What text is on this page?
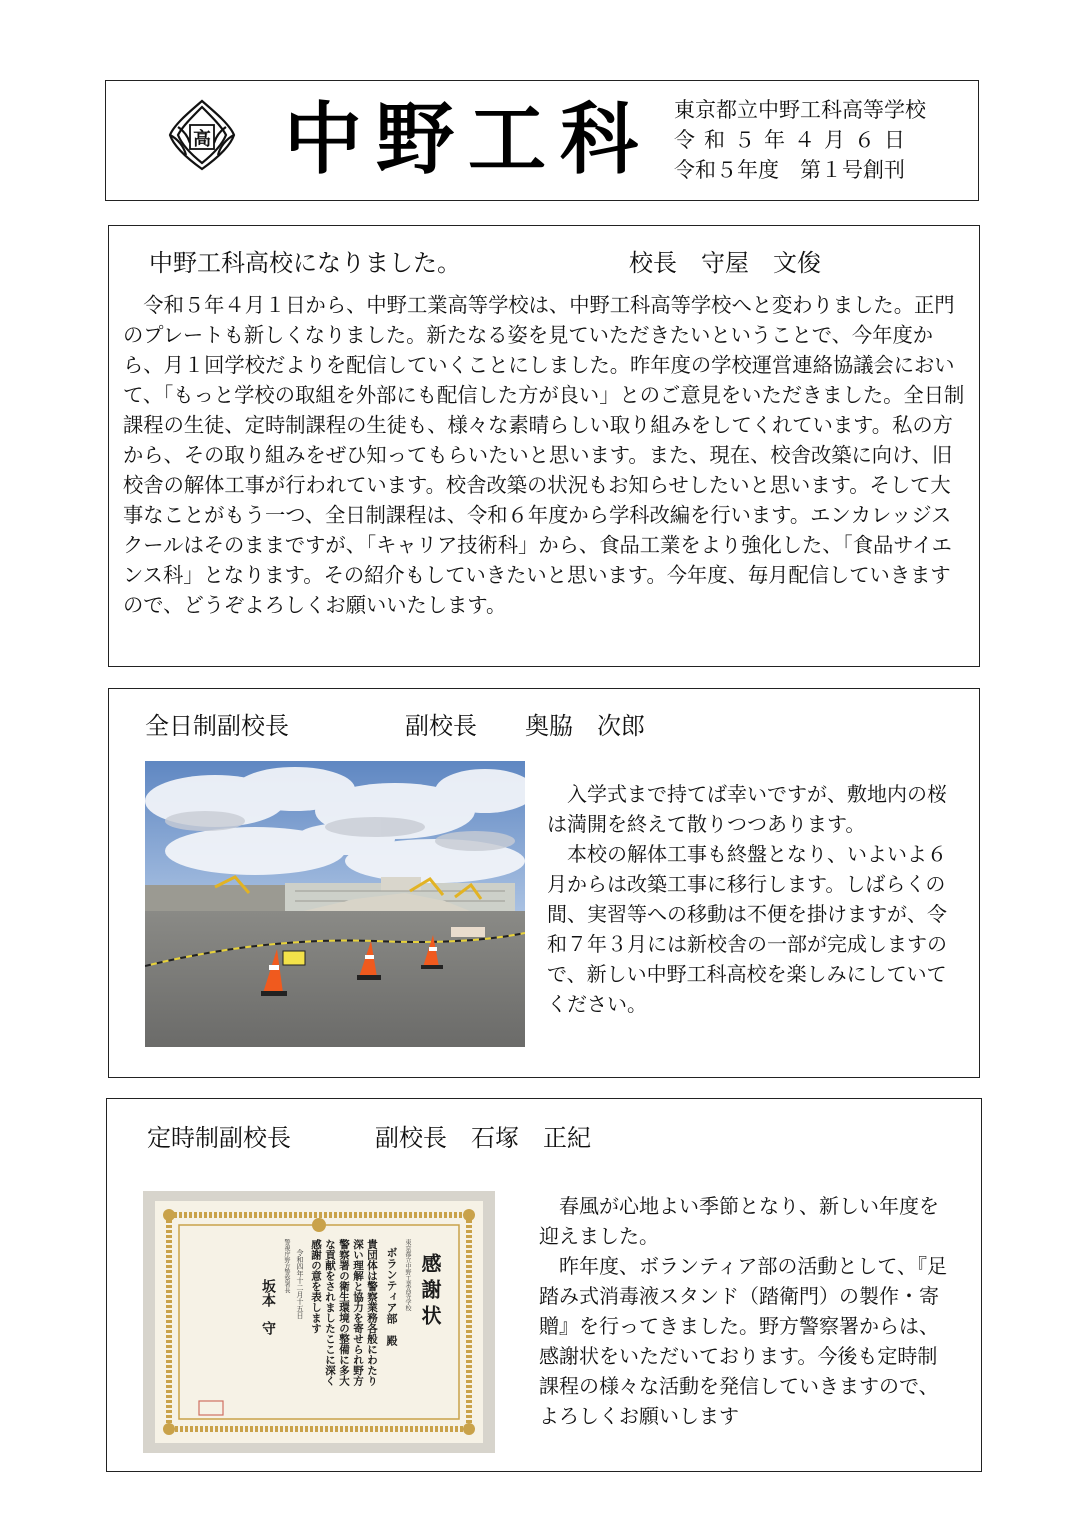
高 中野工科 東京都立中野工科高等学校
令和５年４月６日
令和５年度　第１号創刊
中野工科高校になりました。	校長　守屋　文俊

令和５年４月１日から、中野工業高等学校は、中野工科高等学校へと変わりました。正門のプレートも新しくなりました。新たなる姿を見ていただきたいということで、今年度から、月１回学校だよりを配信していくことにしました。昨年度の学校運営連絡協議会において、「もっと学校の取組を外部にも配信した方が良い」とのご意見をいただきました。全日制課程の生徒、定時制課程の生徒も、様々な素晴らしい取り組みをしてくれています。私の方から、その取り組みをぜひ知ってもらいたいと思います。また、現在、校舎改築に向け、旧校舎の解体工事が行われています。校舎改築の状況もお知らせしたいと思います。そして大事なことがもう一つ、全日制課程は、令和６年度から学科改編を行います。エンカレッジスクールはそのままですが、「キャリア技術科」から、食品工業をより強化した、「食品サイエンス科」となります。その紹介もしていきたいと思います。今年度、毎月配信していきますので、どうぞよろしくお願いいたします。

全日制副校長	副校長　　奥脇　次郎

入学式まで持てば幸いですが、敷地内の桜は満開を終えて散りつつあります。

本校の解体工事も終盤となり、いよいよ６月からは改築工事に移行します。しばらくの間、実習等への移動は不便を掛けますが、令和７年３月には新校舎の一部が完成しますので、新しい中野工科高校を楽しみにしていてください。

定時制副校長	副校長　石塚　正紀
感謝状
東京都立中野工業高等学校
ボランティア部　殿
貴団体は警察業務各般にわたり深い理解と協力を寄せられ野方警察署の衛生環境の整備に多大な貢献をされましたここに深く感謝の意を表します
令和四年十二月十五日
警視庁野方警察署長
坂本　守

春風が心地よい季節となり、新しい年度を迎えました。

昨年度、ボランティア部の活動として、『足踏み式消毒液スタンド（踏衛門）の製作・寄贈』を行ってきました。野方警察署からは、感謝状をいただいております。今後も定時制課程の様々な活動を発信していきますので、よろしくお願いします
